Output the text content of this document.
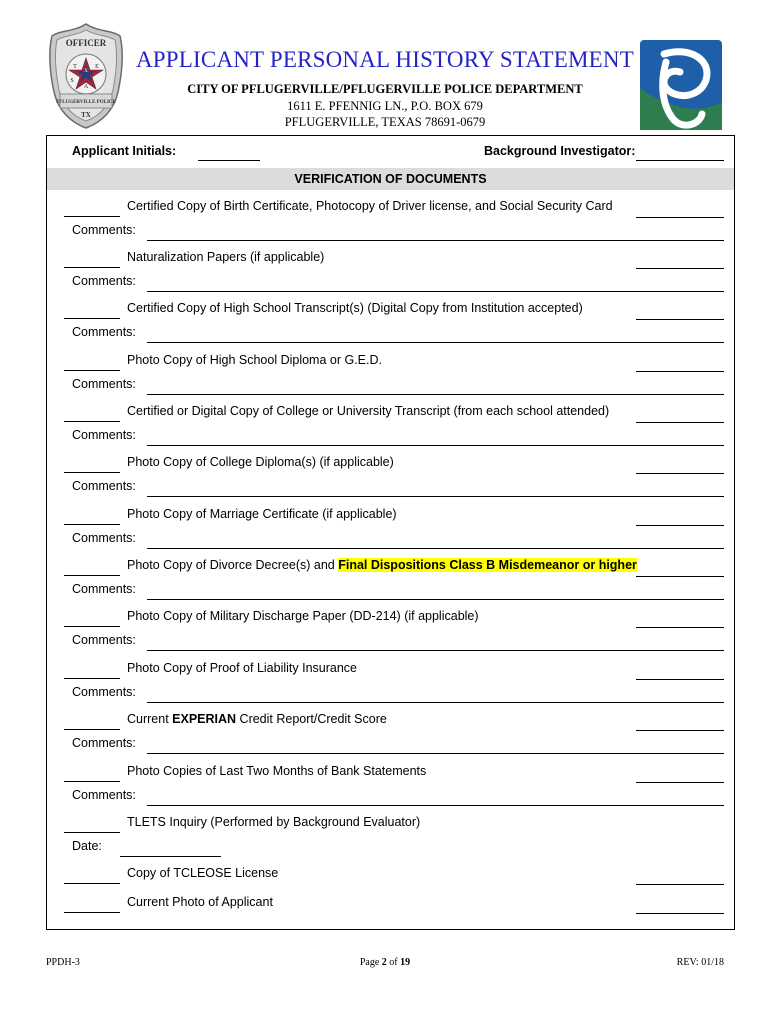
OFFICER
T	E
X
A
S
PFLUGERVILLE POLICE
TX
APPLICANT PERSONAL HISTORY STATEMENT
CITY OF PFLUGERVILLE/PFLUGERVILLE POLICE DEPARTMENT
1611 E. PFENNIG LN., P.O. BOX 679
PFLUGERVILLE, TEXAS 78691-0679
Applicant Initials:	Background Investigator:
VERIFICATION OF DOCUMENTS
Certified Copy of Birth Certificate, Photocopy of Driver license, and Social Security Card
Comments:
Naturalization Papers (if applicable)
Comments:
Certified Copy of High School Transcript(s) (Digital Copy from Institution accepted)
Comments:
Photo Copy of High School Diploma or G.E.D.
Comments:
Certified or Digital Copy of College or University Transcript (from each school attended)
Comments:
Photo Copy of College Diploma(s) (if applicable)
Comments:
Photo Copy of Marriage Certificate (if applicable)
Comments:
Photo Copy of Divorce Decree(s) and Final Dispositions Class B Misdemeanor or higher
Comments:
Photo Copy of Military Discharge Paper (DD-214) (if applicable)
Comments:
Photo Copy of Proof of Liability Insurance
Comments:
Current EXPERIAN Credit Report/Credit Score
Comments:
Photo Copies of Last Two Months of Bank Statements
Comments:
TLETS Inquiry (Performed by Background Evaluator)
Date:
Copy of TCLEOSE License
Current Photo of Applicant
PPDH-3	Page 2 of 19	REV: 01/18
